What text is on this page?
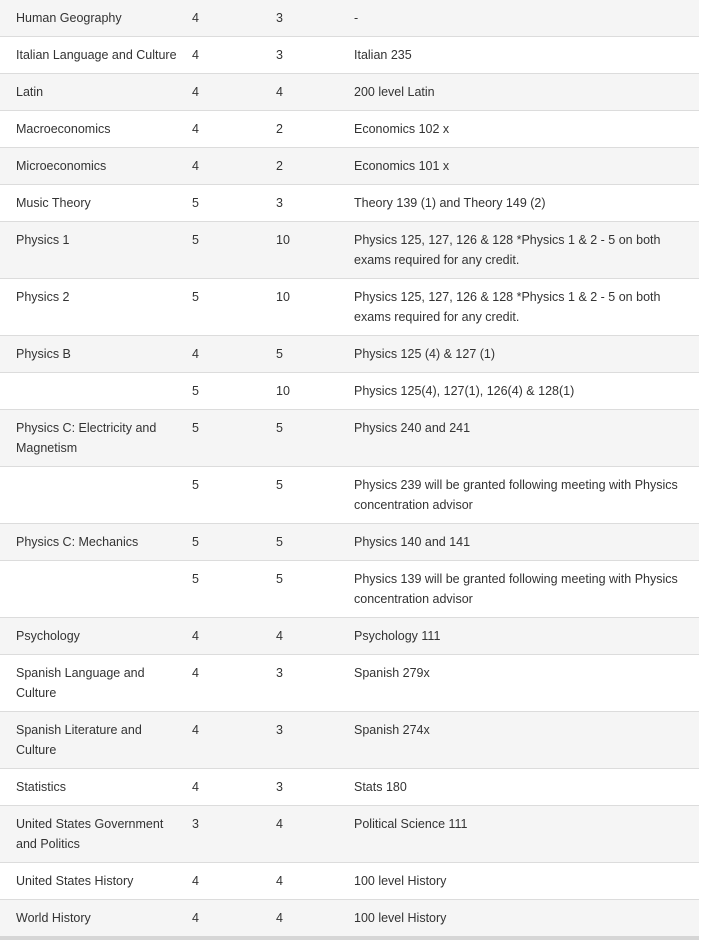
Human Geography	4	3	-
Italian Language and Culture	4	3	Italian 235
Latin	4	4	200 level Latin
Macroeconomics	4	2	Economics 102 x
Microeconomics	4	2	Economics 101 x
Music Theory	5	3	Theory 139 (1) and Theory 149 (2)
Physics 1	5	10	Physics 125, 127, 126 & 128 *Physics 1 & 2 - 5 on both exams required for any credit.
Physics 2	5	10	Physics 125, 127, 126 & 128 *Physics 1 & 2 - 5 on both exams required for any credit.
Physics B	4	5	Physics 125 (4) & 127 (1)
	5	10	Physics 125(4), 127(1), 126(4) & 128(1)
Physics C: Electricity and Magnetism	5	5	Physics 240 and 241
	5	5	Physics 239 will be granted following meeting with Physics concentration advisor
Physics C: Mechanics	5	5	Physics 140 and 141
	5	5	Physics 139 will be granted following meeting with Physics concentration advisor
Psychology	4	4	Psychology 111
Spanish Language and Culture	4	3	Spanish 279x
Spanish Literature and Culture	4	3	Spanish 274x
Statistics	4	3	Stats 180
United States Government and Politics	3	4	Political Science 111
United States History	4	4	100 level History
World History	4	4	100 level History
